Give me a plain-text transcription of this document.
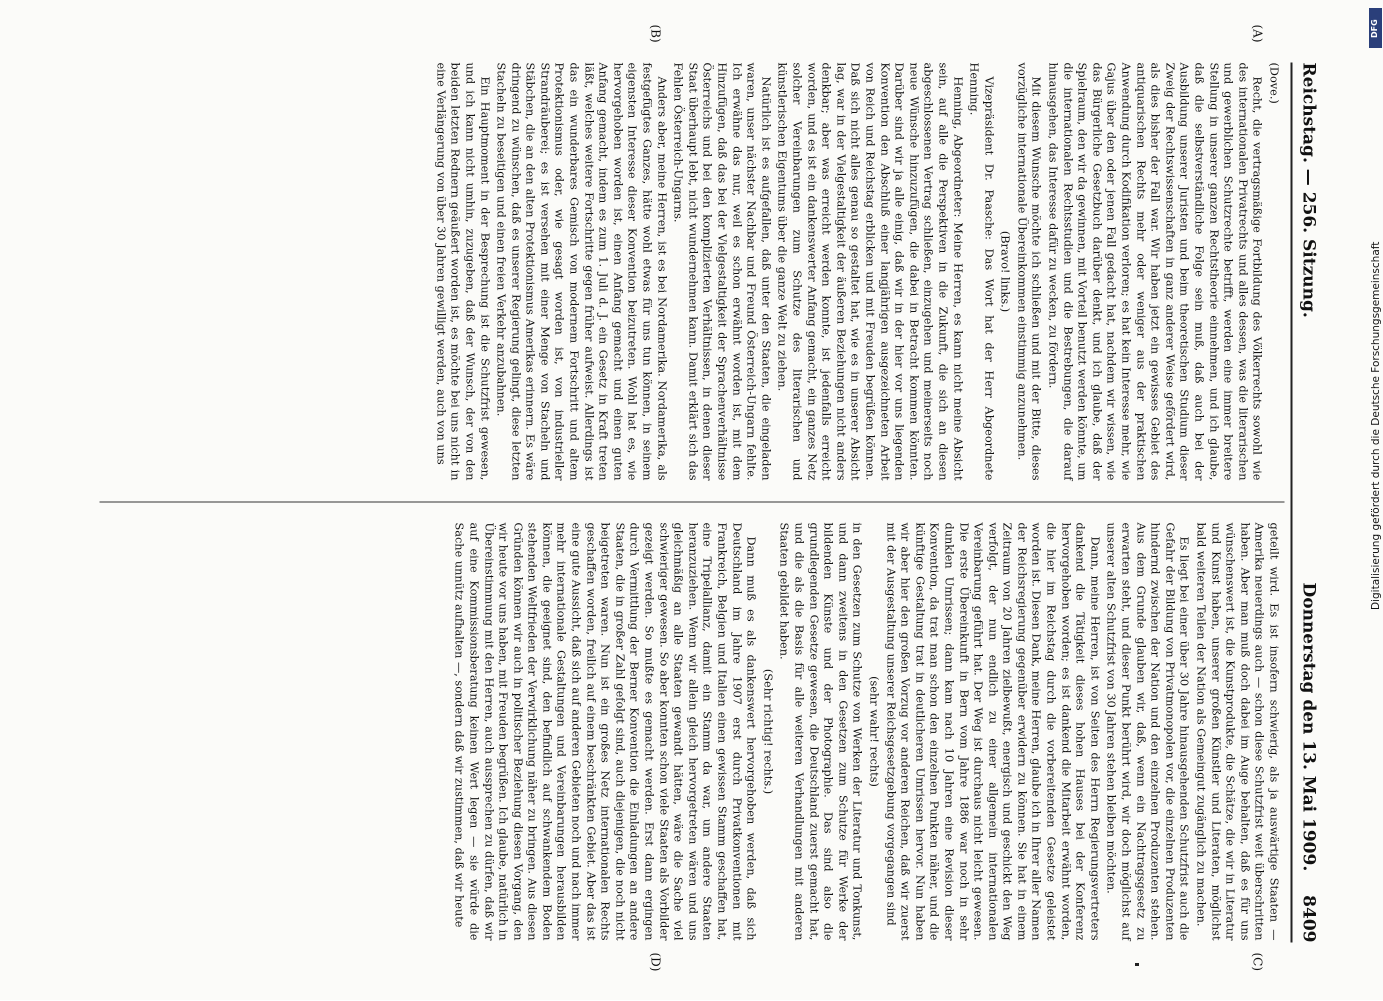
Reichstag. — 256. Sitzung.
Donnerstag den 13. Mai 1909.
8409

(Dove.)

Recht, die vertragsmäßige Fortbildung des Völkerrechts sowohl wie des internationalen Privatrechts und alles dessen, was die literarischen und gewerblichen Schutzrechte betrifft, werden eine immer breitere Stellung in unserer ganzen Rechtstheorie einnehmen, und ich glaube, daß die selbstverständliche Folge sein muß, daß auch bei der Ausbildung unserer Juristen und beim theoretischen Studium dieser Zweig der Rechtswissenschaften in ganz anderer Weise gefördert wird, als dies bisher der Fall war. Wir haben jetzt ein gewisses Gebiet des antiquarischen Rechts mehr oder weniger aus der praktischen Anwendung durch Kodifikation verloren; es hat kein Interesse mehr, wie Gajus über den oder jenen Fall gedacht hat, nachdem wir wissen, wie das Bürgerliche Gesetzbuch darüber denkt, und ich glaube, daß der Spielraum, den wir da gewinnen, mit Vorteil benutzt werden könnte, um die internationalen Rechtsstudien und die Bestrebungen, die darauf hinausgehen, das Interesse dafür zu wecken, zu fördern.

Mit diesem Wunsche möchte ich schließen und mit der Bitte, dieses vorzügliche internationale Übereinkommen einstimmig anzunehmen.

(Bravo! links.)

Vizepräsident Dr. Paasche: Das Wort hat der Herr Abgeordnete Henning.

Henning, Abgeordneter: Meine Herren, es kann nicht meine Absicht sein, auf alle die Perspektiven in die Zukunft, die sich an diesen abgeschlossenen Vertrag schließen, einzugehen und meinerseits noch neue Wünsche hinzuzufügen, die dabei in Betracht kommen könnten. Darüber sind wir ja alle einig, daß wir in der hier vor uns liegenden Konvention den Abschluß einer langjährigen ausgezeichneten Arbeit von Reich und Reichstag erblicken und mit Freuden begrüßen können. Daß sich nicht alles genau so gestaltet hat, wie es in unserer Absicht lag, war in der Vielgestaltigkeit der äußeren Beziehungen nicht anders denkbar; aber was erreicht werden konnte, ist jedenfalls erreicht worden, und es ist ein dankenswerter Anfang gemacht, ein ganzes Netz solcher Vereinbarungen zum Schutze des literarischen und künstlerischen Eigentums über die ganze Welt zu ziehen.

Natürlich ist es aufgefallen, daß unter den Staaten, die eingeladen waren, unser nächster Nachbar und Freund Österreich-Ungarn fehlte. Ich erwähne das nur, weil es schon erwähnt worden ist, mit dem Hinzufügen, daß das bei der Vielgestaltigkeit der Sprachenverhältnisse Österreichs und bei den komplizierten Verhältnissen, in denen dieser Staat überhaupt lebt, nicht wundernehmen kann. Damit erklärt sich das Fehlen Österreich-Ungarns.

Anders aber, meine Herren, ist es bei Nordamerika. Nordamerika, als festgefügtes Ganzes, hätte wohl etwas für uns tun können, in seinem eigensten Interesse dieser Konvention beizutreten. Wohl hat es, wie hervorgehoben worden ist, einen Anfang gemacht und einen guten Anfang gemacht, indem es zum 1. Juli d. J. ein Gesetz in Kraft treten läßt, welches weitere Fortschritte gegen früher aufweist. Allerdings ist das ein wunderbares Gemisch von modernem Fortschritt und altem Protektionismus oder, wie gesagt worden ist, von industrieller Strandräuberei; es ist versehen mit einer Menge von Stacheln und Stäbchen, die an den alten Protektionismus Amerikas erinnern. Es wäre dringend zu wünschen, daß es unserer Regierung gelingt, diese letzten Stacheln zu beseitigen und einen freien Verkehr anzubahnen.

Ein Hauptmoment in der Besprechung ist die Schutzfrist gewesen, und ich kann nicht umhin, zuzugeben, daß der Wunsch, der von den beiden letzten Rednern geäußert worden ist, es möchte bei uns nicht in eine Verlängerung von über 30 Jahren gewilligt werden, auch von uns

geteilt wird. Es ist insofern schwierig, als ja auswärtige Staaten — Amerika neuerdings auch — schon diese Schutzfrist weit überschritten haben. Aber man muß doch dabei im Auge behalten, daß es für uns wünschenswert ist, die Kunstprodukte, die Schätze, die wir in Literatur und Kunst haben, unserer großen Künstler und Literaten, möglichst bald weiteren Teilen der Nation als Gemeingut zugänglich zu machen.

Es liegt bei einer über 30 Jahre hinausgehenden Schutzfrist auch die Gefahr der Bildung von Privatmonopolen vor, die einzelnen Produzenten hindernd zwischen der Nation und den einzelnen Produzenten stehen. Aus dem Grunde glauben wir, daß, wenn ein Nachtragsgesetz zu erwarten steht, und dieser Punkt berührt wird, wir doch möglichst auf unserer alten Schutzfrist von 30 Jahren stehen bleiben möchten.

Dann, meine Herren, ist von Seiten des Herrn Regierungsvertreters dankend die Tätigkeit dieses hohen Hauses bei der Konferenz hervorgehoben worden; es ist dankend die Mitarbeit erwähnt worden, die hier im Reichstag durch die vorbereitenden Gesetze geleistet worden ist. Diesen Dank, meine Herren, glaube ich in Ihrer aller Namen der Reichsregierung gegenüber erwidern zu können. Sie hat in einem Zeitraum von 20 Jahren zielbewußt, energisch und geschickt den Weg verfolgt, der nun endlich zu einer allgemein internationalen Vereinbarung geführt hat. Der Weg ist durchaus nicht leicht gewesen. Die erste Übereinkunft in Bern vom Jahre 1886 war noch in sehr dunklen Umrissen; dann kam nach 10 Jahren eine Revision dieser Konvention, da trat man schon den einzelnen Punkten näher, und die künftige Gestaltung trat in deutlicheren Umrissen hervor. Nun haben wir aber hier den großen Vorzug vor anderen Reichen, daß wir zuerst mit der Ausgestaltung unserer Reichsgesetzgebung vorgegangen sind

(sehr wahr! rechts)

in den Gesetzen zum Schutze von Werken der Literatur und Tonkunst, und dann zweitens in den Gesetzen zum Schutze für Werke der bildenden Künste und der Photographie. Das sind also die grundlegenden Gesetze gewesen, die Deutschland zuerst gemacht hat, und die als die Basis für alle weiteren Verhandlungen mit anderen Staaten gebildet haben.

(Sehr richtig! rechts.)

Dann muß es als dankenswert hervorgehoben werden, daß sich Deutschland im Jahre 1907 erst durch Privatkonventionen mit Frankreich, Belgien und Italien einen gewissen Stamm geschaffen hat, eine Tripelallianz, damit ein Stamm da war, um andere Staaten heranzuziehen. Wenn wir allein gleich hervorgetreten wären und uns gleichmäßig an alle Staaten gewandt hätten, wäre die Sache viel schwieriger gewesen. So aber konnten schon viele Staaten als Vorbilder gezeigt werden. So mußte es gemacht werden. Erst dann ergingen durch Vermittlung der Berner Konvention die Einladungen an andere Staaten, die in großer Zahl gefolgt sind, auch diejenigen, die noch nicht beigetreten waren. Nun ist ein großes Netz internationalen Rechts geschaffen worden, freilich auf einem beschränkten Gebiet. Aber das ist eine gute Aussicht, daß sich auf anderen Gebieten noch und nach immer mehr internationale Gestaltungen und Vereinbarungen herausbilden können, die geeignet sind, den befindlich auf schwankendem Boden stehenden Weltfrieden der Verwirklichung näher zu bringen. Aus diesen Gründen können wir auch in politischer Beziehung diesen Vorgang, den wir heute vor uns haben, mit Freuden begrüßen. Ich glaube, natürlich in Übereinstimmung mit den Herren, auch aussprechen zu dürfen, daß wir auf eine Kommissionsberatung keinen Wert legen — sie würde die Sache unnütz aufhalten —, sondern daß wir zustimmen, daß wir heute

(A)
(B)
(C)
(D)
Digitalisierung gefördert durch die Deutsche Forschungsgemeinschaft
DFG
